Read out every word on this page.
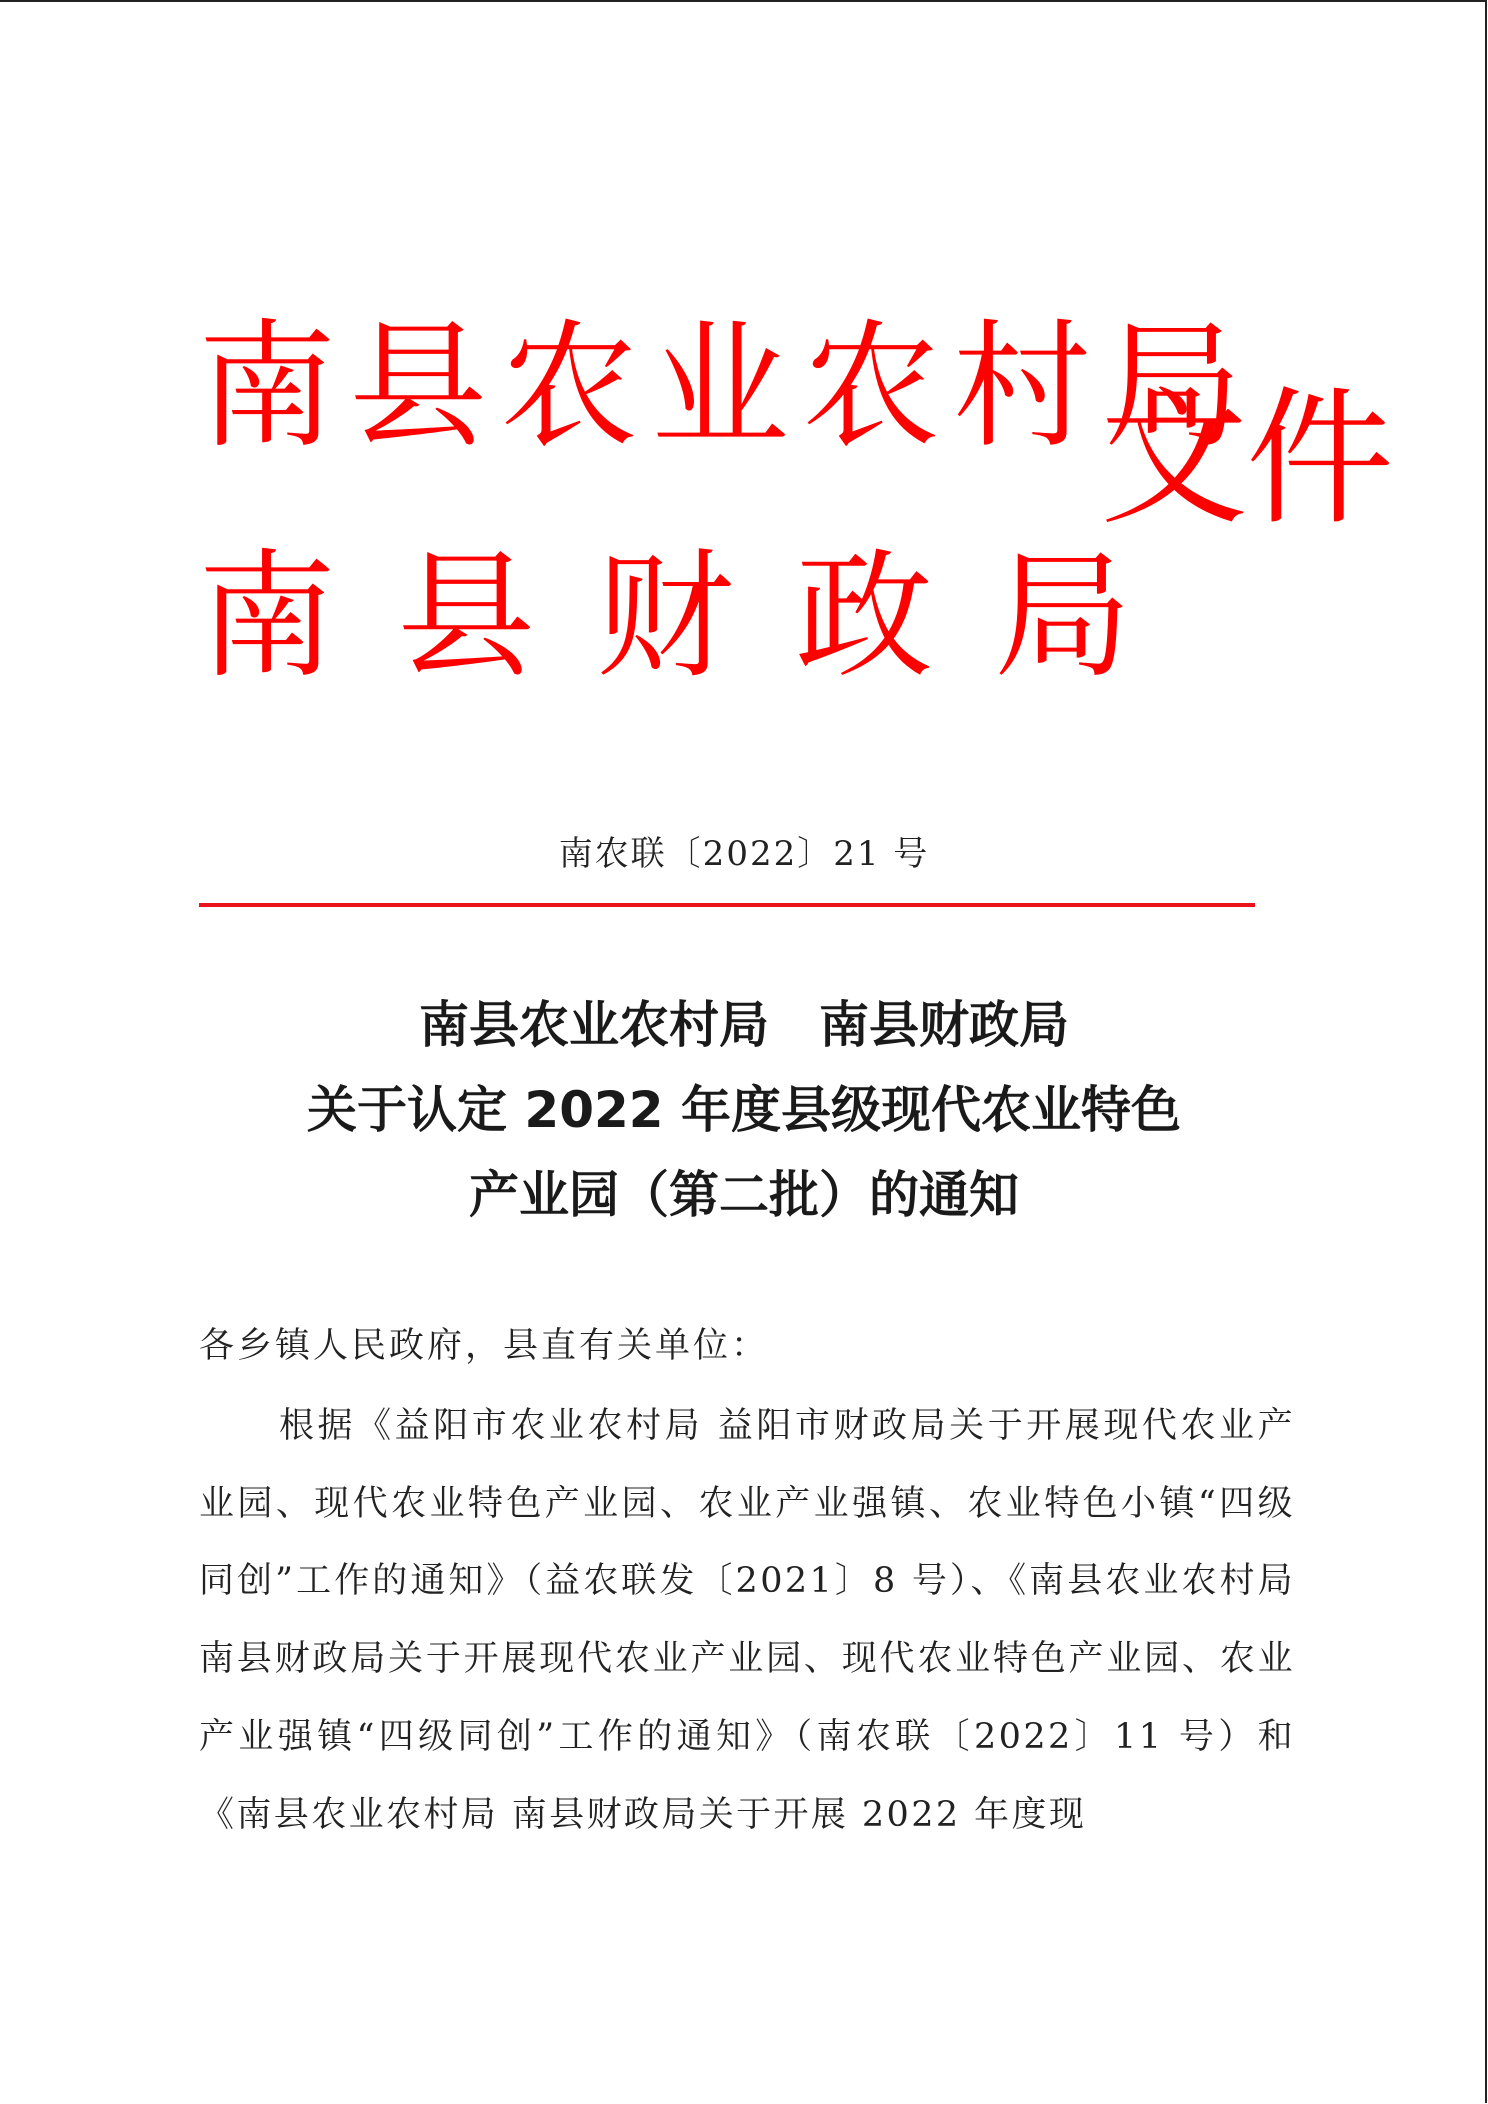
南县农业农村局
南县财政局
文件
南农联〔2022〕21 号
南县农业农村局　南县财政局
关于认定 2022 年度县级现代农业特色
产业园（第二批）的通知
各乡镇人民政府，县直有关单位：
根据《益阳市农业农村局 益阳市财政局关于开展现代农业产业园、现代农业特色产业园、农业产业强镇、农业特色小镇“四级同创”工作的通知》（益农联发〔2021〕8 号）、《南县农业农村局 南县财政局关于开展现代农业产业园、现代农业特色产业园、农业产业强镇“四级同创”工作的通知》（南农联〔2022〕11 号）和《南县农业农村局 南县财政局关于开展 2022 年度现
